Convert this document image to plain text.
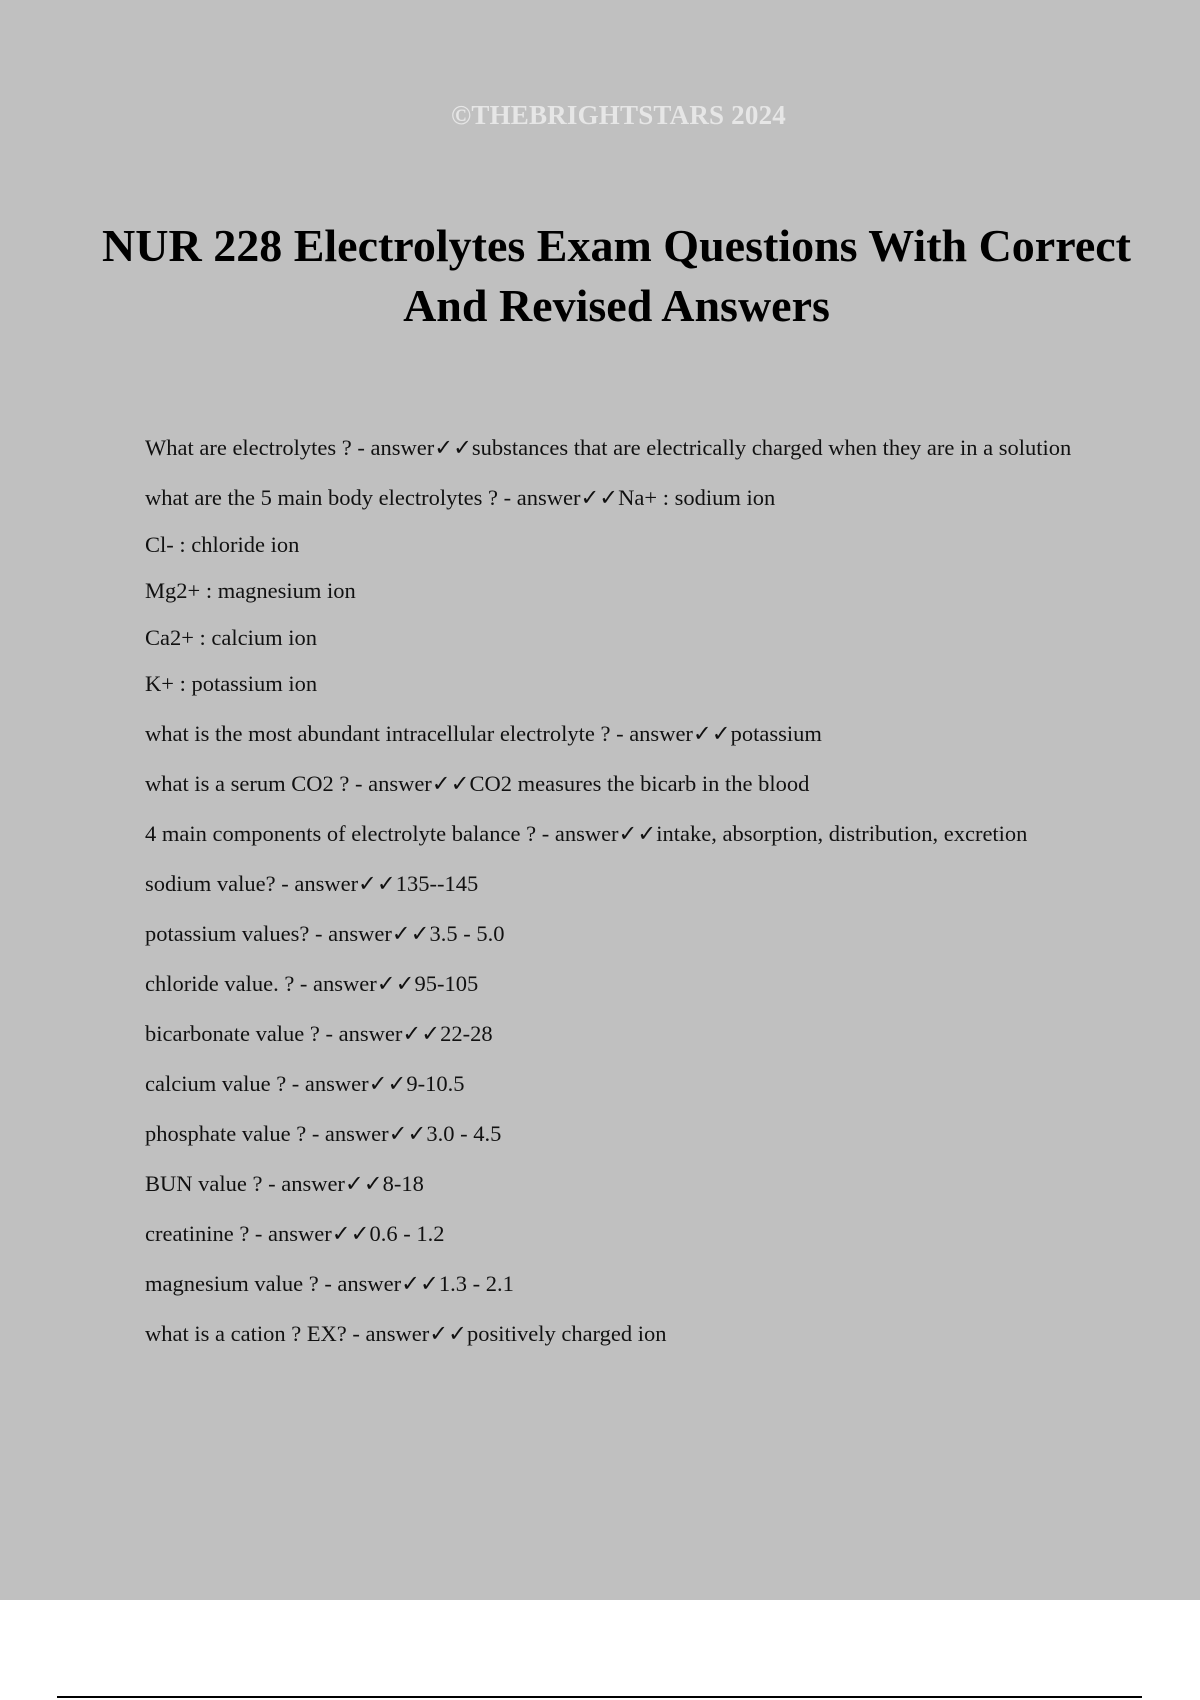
©THEBRIGHTSTARS 2024
NUR 228 Electrolytes Exam Questions With Correct And Revised Answers

What are electrolytes ? - answer✓✓substances that are electrically charged when they are in a solution

what are the 5 main body electrolytes ? - answer✓✓Na+ : sodium ion

Cl- : chloride ion

Mg2+ : magnesium ion

Ca2+ : calcium ion

K+ : potassium ion

what is the most abundant intracellular electrolyte ? - answer✓✓potassium

what is a serum CO2 ? - answer✓✓CO2 measures the bicarb in the blood

4 main components of electrolyte balance ? - answer✓✓intake, absorption, distribution, excretion

sodium value? - answer✓✓135--145

potassium values? - answer✓✓3.5 - 5.0

chloride value. ? - answer✓✓95-105

bicarbonate value ? - answer✓✓22-28

calcium value ? - answer✓✓9-10.5

phosphate value ? - answer✓✓3.0 - 4.5

BUN value ? - answer✓✓8-18

creatinine ? - answer✓✓0.6 - 1.2

magnesium value ? - answer✓✓1.3 - 2.1

what is a cation ? EX? - answer✓✓positively charged ion
